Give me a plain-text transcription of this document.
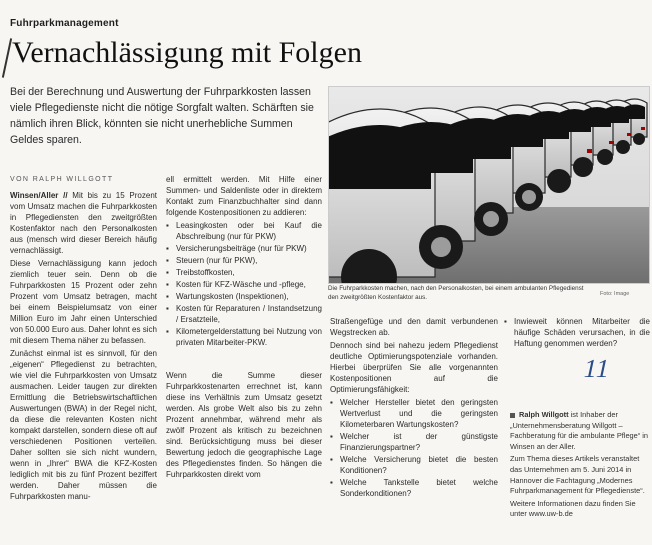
Fuhrparkmanagement
Vernachlässigung mit Folgen
Bei der Berechnung und Auswertung der Fuhrparkkosten lassen viele Pflegedienste nicht die nötige Sorgfalt walten. Schärften sie nämlich ihren Blick, könnten sie nicht unerhebliche Summen Geldes sparen.
VON RALPH WILLGOTT

Winsen/Aller // Mit bis zu 15 Prozent vom Umsatz machen die Fuhrparkkosten in Pflegediensten den zweitgrößten Kostenfaktor nach den Personalkosten aus (mensch wird dieser Bereich häufig vernachlässigt.

Diese Vernachlässigung kann jedoch ziemlich teuer sein. Denn ob die Fuhrparkkosten 15 Prozent oder zehn Prozent vom Umsatz betragen, macht bei einem Beispielumsatz von einer Million Euro im Jahr einen Unterschied von 50.000 Euro aus. Daher lohnt es sich mit diesem Thema näher zu befassen.

Zunächst einmal ist es sinnvoll, für den „eigenen“ Pflegedienst zu betrachten, wie viel die Fuhrparkkosten von Umsatz ausmachen. Leider taugen zur direkten Ermittlung die Betriebswirtschaftlichen Auswertungen (BWA) in der Regel nicht, da diese die relevanten Kosten nicht kompakt darstellen, sondern diese oft auf verschiedenen Positionen verteilen. Daher sollten sie sich nicht wundern, wenn in „Ihrer“ BWA die KFZ-Kosten lediglich mit bis zu fünf Prozent beziffert werden. Daher müssen die Fuhrparkkosten manu-

ell ermittelt werden. Mit Hilfe einer Summen- und Saldenliste oder in direktem Kontakt zum Finanzbuchhalter sind dann folgende Kostenpositionen zu addieren:

▪ Leasingkosten oder bei Kauf die Abschreibung (nur für PKW)
▪ Versicherungsbeiträge (nur für PKW)
▪ Steuern (nur für PKW),
▪ Treibstoffkosten,
▪ Kosten für KFZ-Wäsche und -pflege,
▪ Wartungskosten (Inspektionen),
▪ Kosten für Reparaturen / Instandsetzung / Ersatzteile,
▪ Kilometergelderstattung bei Nutzung von privaten Mitarbeiter-PKW.

Wenn die Summe dieser Fuhrparkkostenarten errechnet ist, kann diese ins Verhältnis zum Umsatz gesetzt werden. Als grobe Welt also bis zu zehn Prozent annehmbar, während mehr als zwölf Prozent als kritisch zu bezeichnen sind. Berücksichtigung muss bei dieser Bewertung jedoch die geographische Lage des Pflegedienstes finden. So hängen die Fuhrparkkosten direkt vom

Die Fuhrparkkosten machen, nach den Personalkosten, bei einem ambulanten Pflegedienst den zweitgrößten Kostenfaktor aus.	Foto: Image

Straßengefüge und den damit verbundenen Wegstrecken ab.

Dennoch sind bei nahezu jedem Pflegedienst deutliche Optimierungspotenziale vorhanden. Hierbei überprüfen Sie alle vorgenannten Kostenpositionen auf die Optimierungsfähigkeit:

▪ Welcher Hersteller bietet den geringsten Wertverlust und die geringsten Kilometerbaren Wartungskosten?
▪ Welcher ist der günstigste Finanzierungspartner?
▪ Welche Versicherung bietet die besten Konditionen?
▪ Welche Tankstelle bietet welche Sonderkonditionen?
▪ Inwieweit können Mitarbeiter die häufige Schäden verursachen, in die Haftung genommen werden?
11

Ralph Willgott ist Inhaber der „Unternehmensberatung Willgott – Fachberatung für die ambulante Pflege“ in Winsen an der Aller.

Zum Thema dieses Artikels veranstaltet das Unternehmen am 5. Juni 2014 in Hannover die Fachtagung „Modernes Fuhrparkmanagement für Pflegedienste“.

Weitere Informationen dazu finden Sie unter www.uw-b.de
